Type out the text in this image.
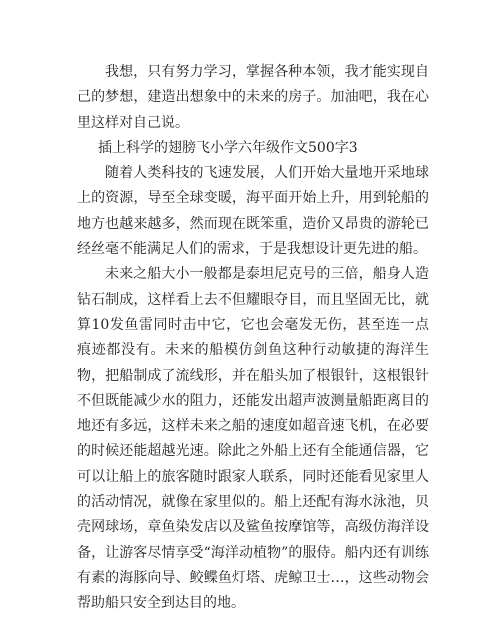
我想，只有努力学习，掌握各种本领，我才能实现自己的梦想，建造出想象中的未来的房子。加油吧，我在心里这样对自己说。

插上科学的翅膀飞小学六年级作文500字3

随着人类科技的飞速发展，人们开始大量地开采地球上的资源，导至全球变暖，海平面开始上升，用到轮船的地方也越来越多，然而现在既笨重，造价又昂贵的游轮已经丝毫不能满足人们的需求，于是我想设计更先进的船。

未来之船大小一般都是泰坦尼克号的三倍，船身人造钻石制成，这样看上去不但耀眼夺目，而且坚固无比，就算10发鱼雷同时击中它，它也会毫发无伤，甚至连一点痕迹都没有。未来的船模仿剑鱼这种行动敏捷的海洋生物，把船制成了流线形，并在船头加了根银针，这根银针不但既能减少水的阻力，还能发出超声波测量船距离目的地还有多远，这样未来之船的速度如超音速飞机，在必要的时候还能超越光速。除此之外船上还有全能通信器，它可以让船上的旅客随时跟家人联系，同时还能看见家里人的活动情况，就像在家里似的。船上还配有海水泳池，贝壳网球场，章鱼染发店以及鲨鱼按摩馆等，高级仿海洋设备，让游客尽情享受“海洋动植物”的服侍。船内还有训练有素的海豚向导、鲛鲽鱼灯塔、虎鲸卫士…，这些动物会帮助船只安全到达目的地。
